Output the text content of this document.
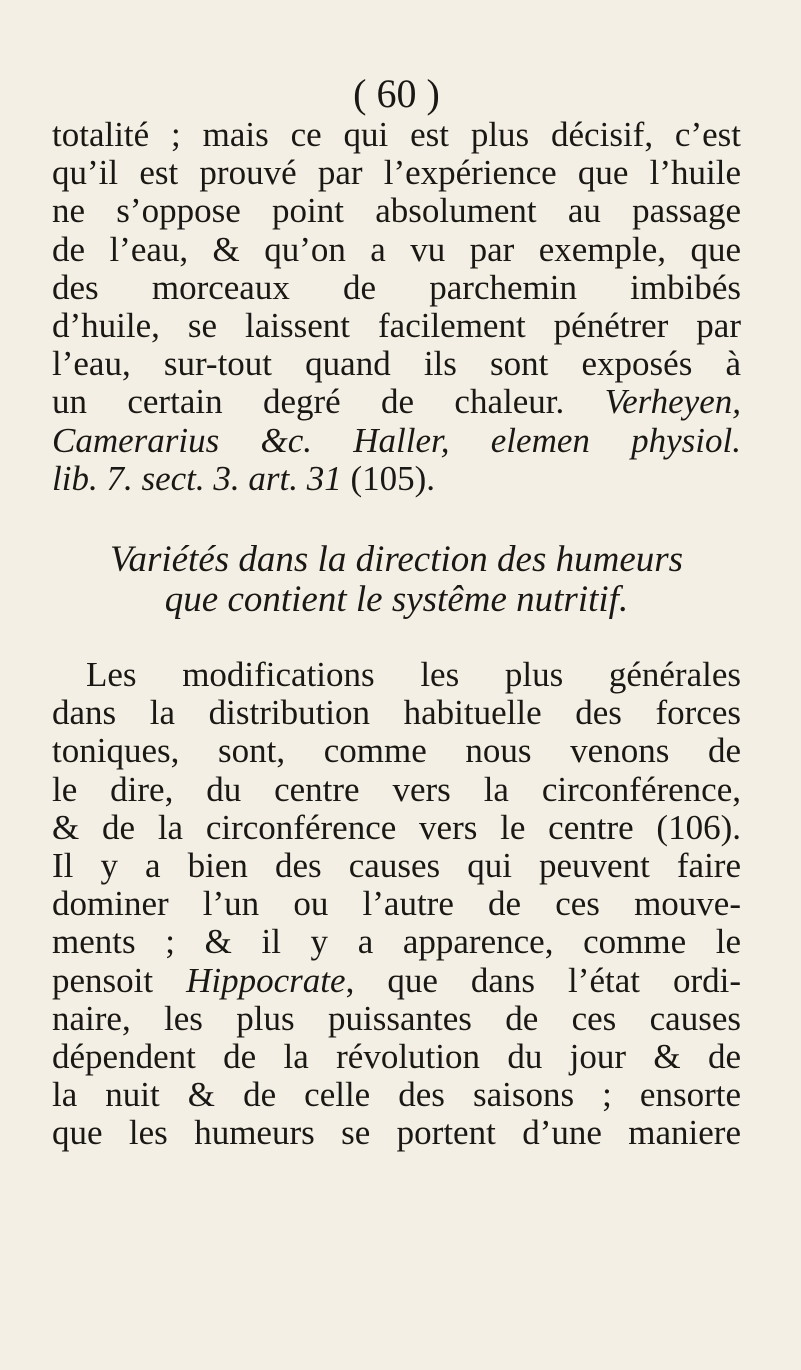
( 60 )
totalité ; mais ce qui est plus décisif, c’est
qu’il est prouvé par l’expérience que l’huile
ne s’oppose point absolument au passage
de l’eau, & qu’on a vu par exemple, que
des morceaux de parchemin imbibés
d’huile, se laissent facilement pénétrer par
l’eau, sur-tout quand ils sont exposés à
un certain degré de chaleur. Verheyen,
Camerarius &c. Haller, elemen physiol.
lib. 7. sect. 3. art. 31 (105).
Variétés dans la direction des humeurs
que contient le systême nutritif.
Les modifications les plus générales
dans la distribution habituelle des forces
toniques, sont, comme nous venons de
le dire, du centre vers la circonférence,
& de la circonférence vers le centre (106).
Il y a bien des causes qui peuvent faire
dominer l’un ou l’autre de ces mouve-
ments ; & il y a apparence, comme le
pensoit Hippocrate, que dans l’état ordi-
naire, les plus puissantes de ces causes
dépendent de la révolution du jour & de
la nuit & de celle des saisons ; ensorte
que les humeurs se portent d’une maniere
